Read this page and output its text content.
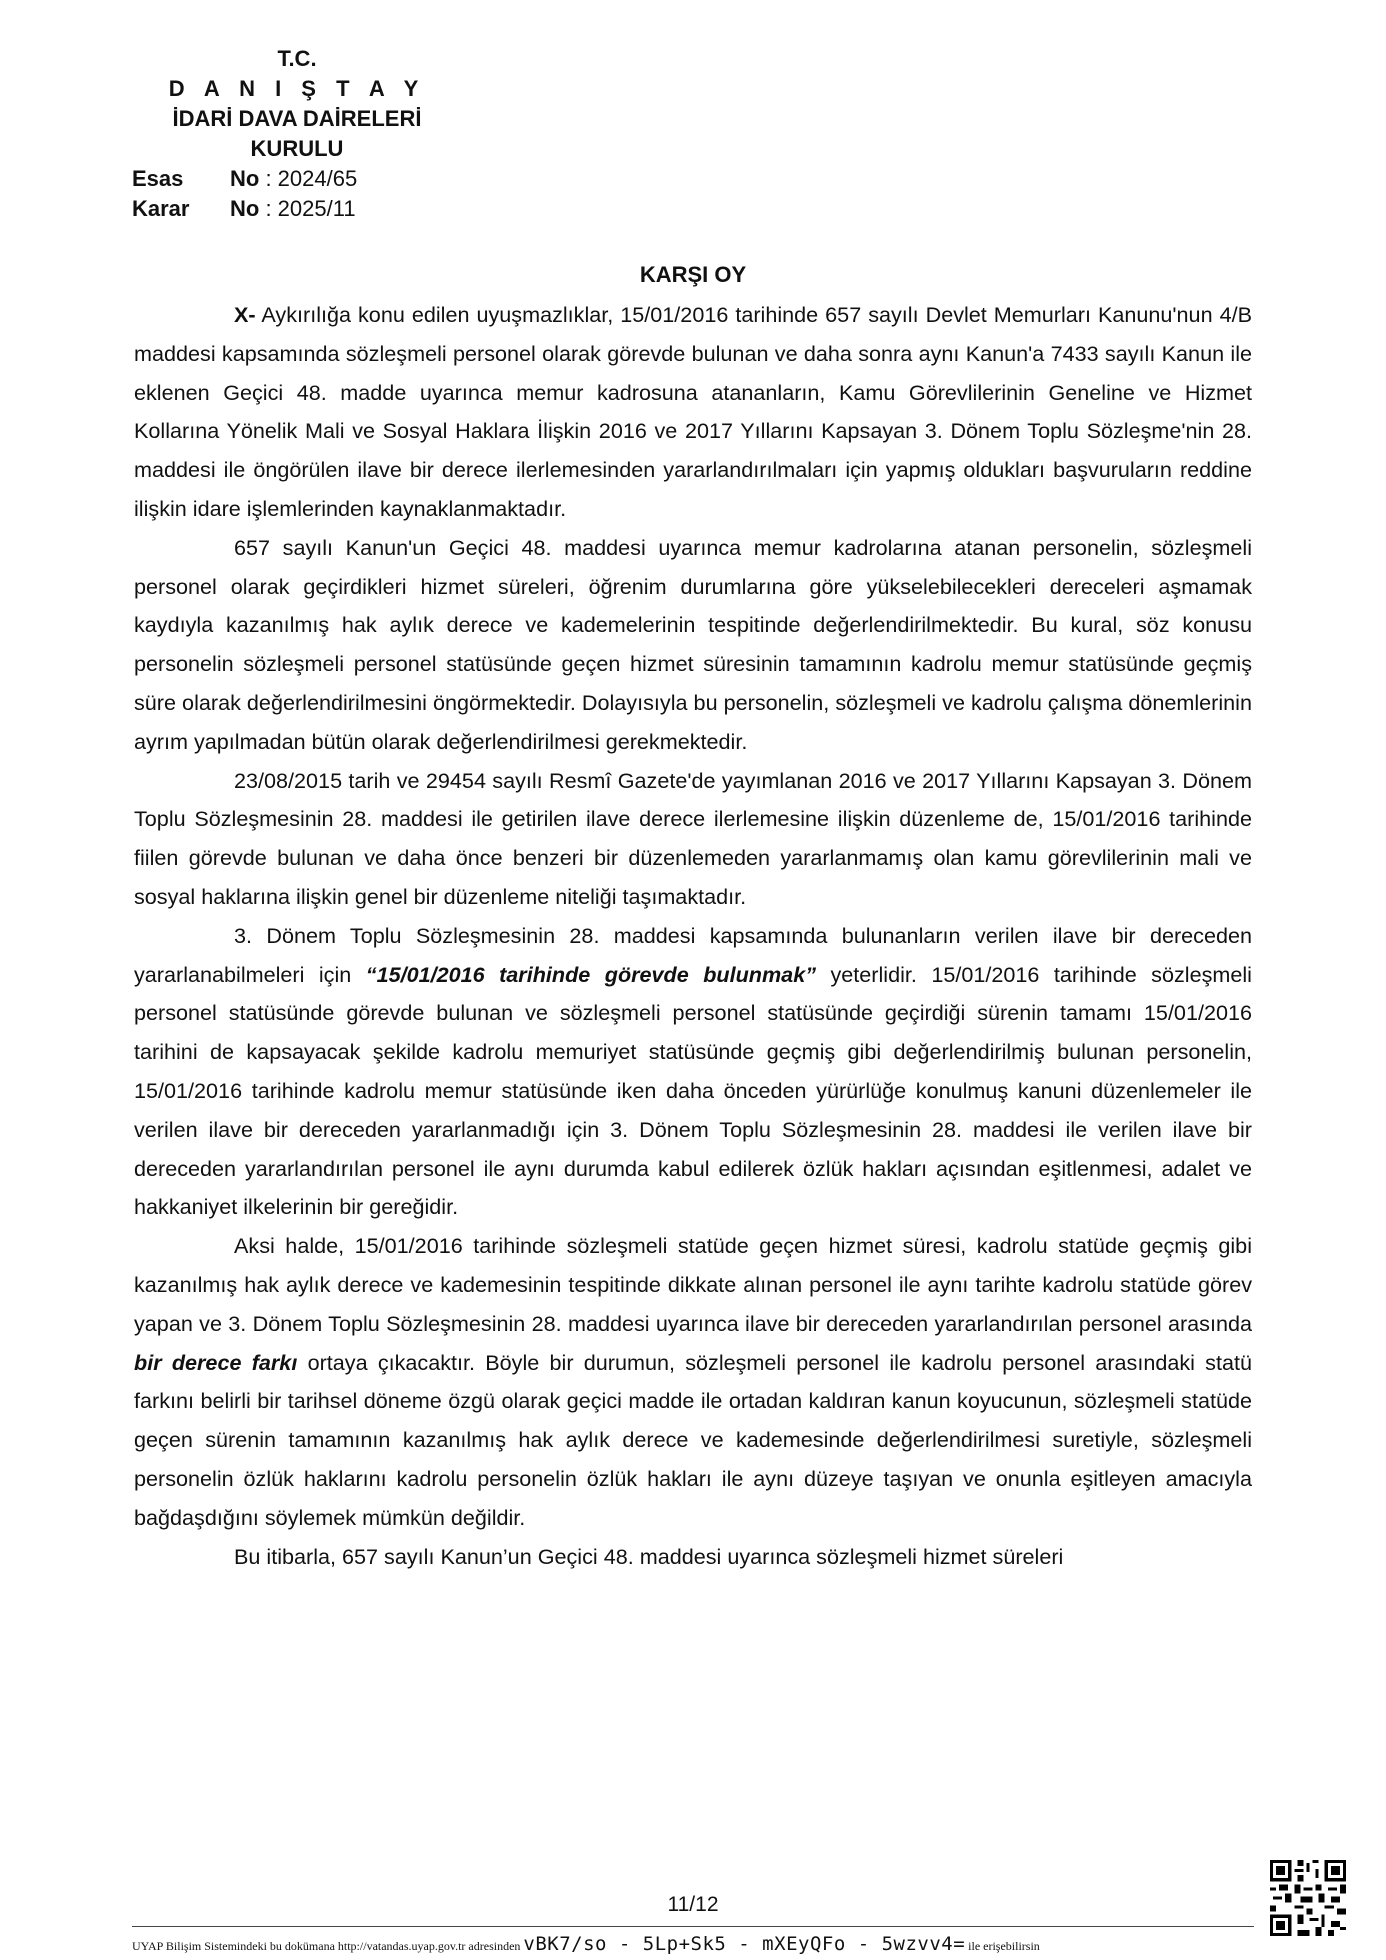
T.C.
D A N I Ş T A Y
İDARİ DAVA DAİRELERİ
KURULU
Esas No : 2024/65
Karar No : 2025/11
KARŞI OY

X- Aykırılığa konu edilen uyuşmazlıklar, 15/01/2016 tarihinde 657 sayılı Devlet Memurları Kanunu'nun 4/B maddesi kapsamında sözleşmeli personel olarak görevde bulunan ve daha sonra aynı Kanun'a 7433 sayılı Kanun ile eklenen Geçici 48. madde uyarınca memur kadrosuna atananların, Kamu Görevlilerinin Geneline ve Hizmet Kollarına Yönelik Mali ve Sosyal Haklara İlişkin 2016 ve 2017 Yıllarını Kapsayan 3. Dönem Toplu Sözleşme'nin 28. maddesi ile öngörülen ilave bir derece ilerlemesinden yararlandırılmaları için yapmış oldukları başvuruların reddine ilişkin idare işlemlerinden kaynaklanmaktadır.

657 sayılı Kanun'un Geçici 48. maddesi uyarınca memur kadrolarına atanan personelin, sözleşmeli personel olarak geçirdikleri hizmet süreleri, öğrenim durumlarına göre yükselebilecekleri dereceleri aşmamak kaydıyla kazanılmış hak aylık derece ve kademelerinin tespitinde değerlendirilmektedir. Bu kural, söz konusu personelin sözleşmeli personel statüsünde geçen hizmet süresinin tamamının kadrolu memur statüsünde geçmiş süre olarak değerlendirilmesini öngörmektedir. Dolayısıyla bu personelin, sözleşmeli ve kadrolu çalışma dönemlerinin ayrım yapılmadan bütün olarak değerlendirilmesi gerekmektedir.

23/08/2015 tarih ve 29454 sayılı Resmî Gazete'de yayımlanan 2016 ve 2017 Yıllarını Kapsayan 3. Dönem Toplu Sözleşmesinin 28. maddesi ile getirilen ilave derece ilerlemesine ilişkin düzenleme de, 15/01/2016 tarihinde fiilen görevde bulunan ve daha önce benzeri bir düzenlemeden yararlanmamış olan kamu görevlilerinin mali ve sosyal haklarına ilişkin genel bir düzenleme niteliği taşımaktadır.

3. Dönem Toplu Sözleşmesinin 28. maddesi kapsamında bulunanların verilen ilave bir dereceden yararlanabilmeleri için “15/01/2016 tarihinde görevde bulunmak” yeterlidir. 15/01/2016 tarihinde sözleşmeli personel statüsünde görevde bulunan ve sözleşmeli personel statüsünde geçirdiği sürenin tamamı 15/01/2016 tarihini de kapsayacak şekilde kadrolu memuriyet statüsünde geçmiş gibi değerlendirilmiş bulunan personelin, 15/01/2016 tarihinde kadrolu memur statüsünde iken daha önceden yürürlüğe konulmuş kanuni düzenlemeler ile verilen ilave bir dereceden yararlanmadığı için 3. Dönem Toplu Sözleşmesinin 28. maddesi ile verilen ilave bir dereceden yararlandırılan personel ile aynı durumda kabul edilerek özlük hakları açısından eşitlenmesi, adalet ve hakkaniyet ilkelerinin bir gereğidir.

Aksi halde, 15/01/2016 tarihinde sözleşmeli statüde geçen hizmet süresi, kadrolu statüde geçmiş gibi kazanılmış hak aylık derece ve kademesinin tespitinde dikkate alınan personel ile aynı tarihte kadrolu statüde görev yapan ve 3. Dönem Toplu Sözleşmesinin 28. maddesi uyarınca ilave bir dereceden yararlandırılan personel arasında bir derece farkı ortaya çıkacaktır. Böyle bir durumun, sözleşmeli personel ile kadrolu personel arasındaki statü farkını belirli bir tarihsel döneme özgü olarak geçici madde ile ortadan kaldıran kanun koyucunun, sözleşmeli statüde geçen sürenin tamamının kazanılmış hak aylık derece ve kademesinde değerlendirilmesi suretiyle, sözleşmeli personelin özlük haklarını kadrolu personelin özlük hakları ile aynı düzeye taşıyan ve onunla eşitleyen amacıyla bağdaşdığını söylemek mümkün değildir.

Bu itibarla, 657 sayılı Kanun’un Geçici 48. maddesi uyarınca sözleşmeli hizmet süreleri

11/12
UYAP Bilişim Sistemindeki bu dokümana http://vatandas.uyap.gov.tr adresinden vBK7/so - 5Lp+Sk5 - mXEyQFo - 5wzvv4= ile erişebilirsin
